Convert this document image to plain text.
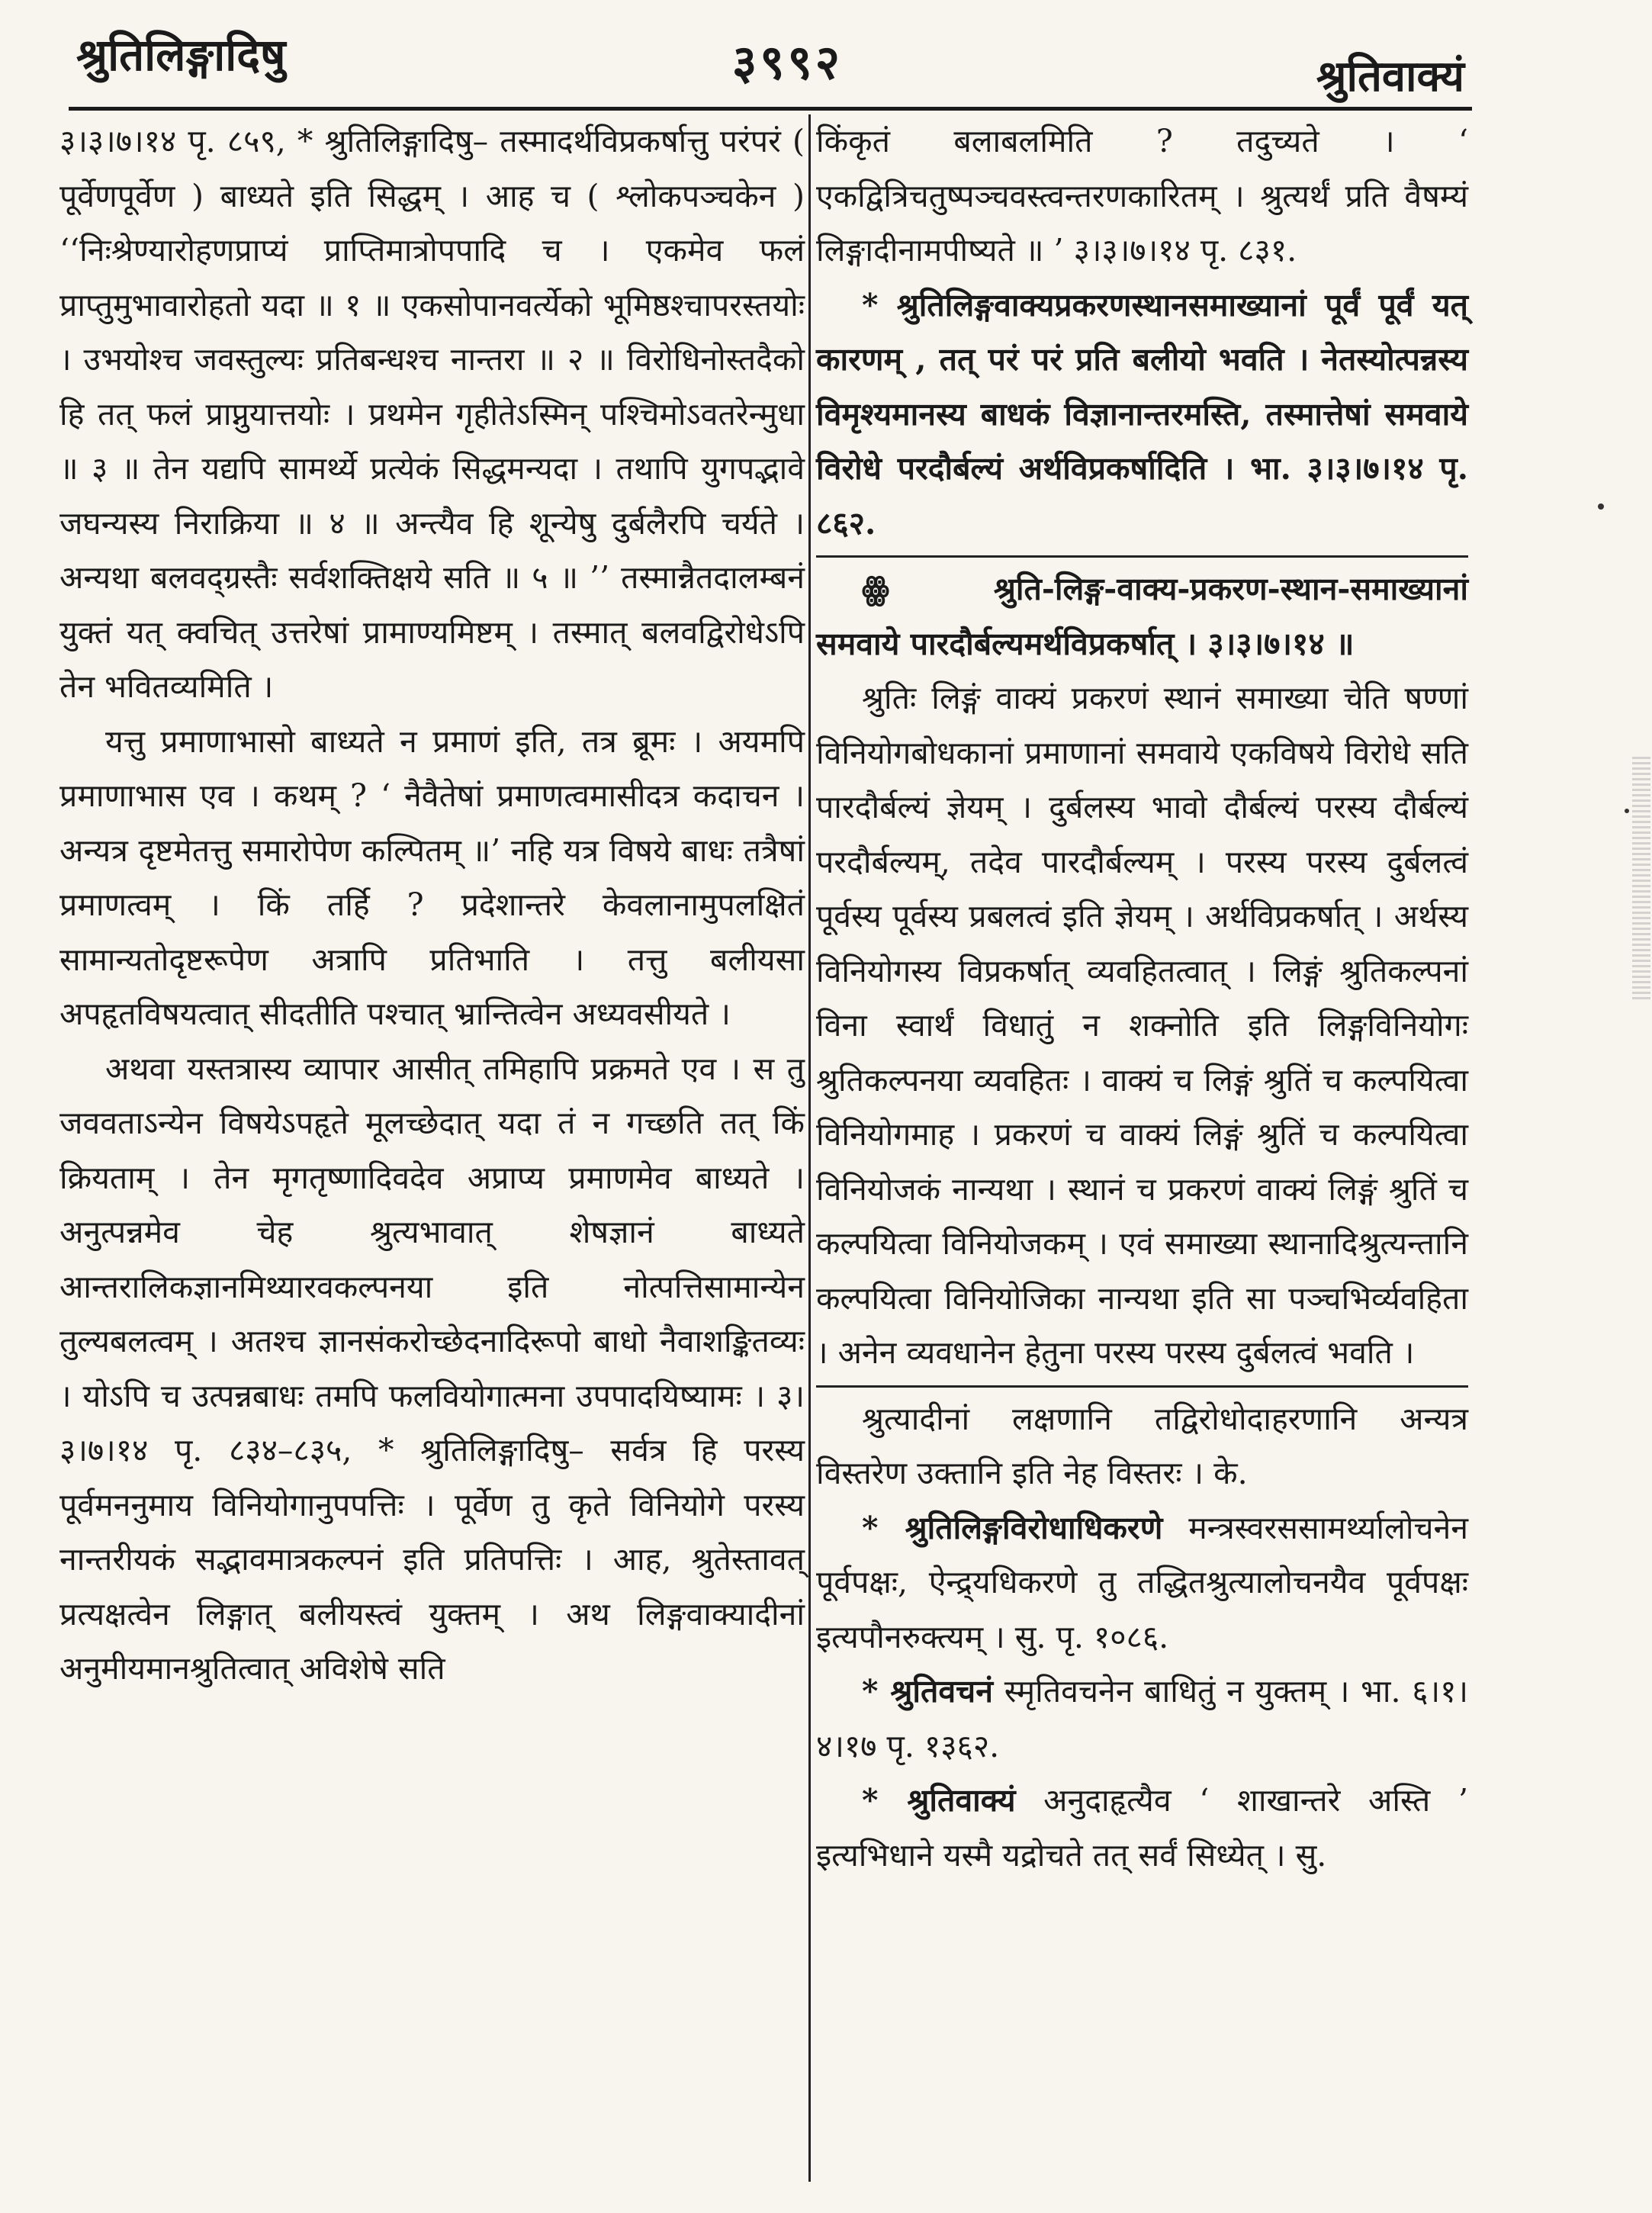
श्रुतिलिङ्गादिषु	३९९२	श्रुतिवाक्यं

३।३।७।१४ पृ. ८५९, * श्रुतिलिङ्गादिषु– तस्मादर्थविप्रकर्षात्तु परंपरं ( पूर्वेणपूर्वेण ) बाध्यते इति सिद्धम् । आह च ( श्लोकपञ्चकेन ) ‘‘निःश्रेण्यारोहणप्राप्यं प्राप्तिमात्रोपपादि च । एकमेव फलं प्राप्तुमुभावारोहतो यदा ॥ १ ॥ एकसोपानवर्त्येको भूमिष्ठश्चापरस्तयोः । उभयोश्च जवस्तुल्यः प्रतिबन्धश्च नान्तरा ॥ २ ॥ विरोधिनोस्तदैको हि तत् फलं प्राप्नुयात्तयोः । प्रथमेन गृहीतेऽस्मिन् पश्चिमोऽवतरेन्मुधा ॥ ३ ॥ तेन यद्यपि सामर्थ्ये प्रत्येकं सिद्धमन्यदा । तथापि युगपद्भावे जघन्यस्य निराक्रिया ॥ ४ ॥ अन्त्यैव हि शून्येषु दुर्बलैरपि चर्यते । अन्यथा बलवद्ग्रस्तैः सर्वशक्तिक्षये सति ॥ ५ ॥ ’’ तस्मान्नैतदालम्बनं युक्तं यत् क्वचित् उत्तरेषां प्रामाण्यमिष्टम् । तस्मात् बलवद्विरोधेऽपि तेन भवितव्यमिति ।

यत्तु प्रमाणाभासो बाध्यते न प्रमाणं इति, तत्र ब्रूमः । अयमपि प्रमाणाभास एव । कथम् ? ‘ नैवैतेषां प्रमाणत्वमासीदत्र कदाचन । अन्यत्र दृष्टमेतत्तु समारोपेण कल्पितम् ॥’ नहि यत्र विषये बाधः तत्रैषां प्रमाणत्वम् । किं तर्हि ? प्रदेशान्तरे केवलानामुपलक्षितं सामान्यतोदृष्टरूपेण अत्रापि प्रतिभाति । तत्तु बलीयसा अपहृतविषयत्वात् सीदतीति पश्चात् भ्रान्तित्वेन अध्यवसीयते ।

अथवा यस्तत्रास्य व्यापार आसीत् तमिहापि प्रक्रमते एव । स तु जववताऽन्येन विषयेऽपहृते मूलच्छेदात् यदा तं न गच्छति तत् किं क्रियताम् । तेन मृगतृष्णादिवदेव अप्राप्य प्रमाणमेव बाध्यते । अनुत्पन्नमेव चेह श्रुत्यभावात् शेषज्ञानं बाध्यते आन्तरालिकज्ञानमिथ्यारवकल्पनया इति नोत्पत्तिसामान्येन तुल्यबलत्वम् । अतश्च ज्ञानसंकरोच्छेदनादिरूपो बाधो नैवाशङ्कितव्यः । योऽपि च उत्पन्नबाधः तमपि फलवियोगात्मना उपपादयिष्यामः । ३।३।७।१४ पृ. ८३४–८३५, * श्रुतिलिङ्गादिषु– सर्वत्र हि परस्य पूर्वमननुमाय विनियोगानुपपत्तिः । पूर्वेण तु कृते विनियोगे परस्य नान्तरीयकं सद्भावमात्रकल्पनं इति प्रतिपत्तिः । आह, श्रुतेस्तावत् प्रत्यक्षत्वेन लिङ्गात् बलीयस्त्वं युक्तम् । अथ लिङ्गवाक्यादीनां अनुमीयमानश्रुतित्वात् अविशेषे सति

किंकृतं बलाबलमिति ? तदुच्यते । ‘ एकद्वित्रिचतुष्पञ्चवस्त्वन्तरणकारितम् । श्रुत्यर्थं प्रति वैषम्यं लिङ्गादीनामपीष्यते ॥ ’ ३।३।७।१४ पृ. ८३१.

* श्रुतिलिङ्गवाक्यप्रकरणस्थानसमाख्यानां पूर्वं पूर्वं यत् कारणम् , तत् परं परं प्रति बलीयो भवति । नेतस्योत्पन्नस्य विमृश्यमानस्य बाधकं विज्ञानान्तरमस्ति, तस्मात्तेषां समवाये विरोधे परदौर्बल्यं अर्थविप्रकर्षादिति । भा. ३।३।७।१४ पृ. ८६२.

ꙮ	श्रुति-लिङ्ग-वाक्य-प्रकरण-स्थान-समाख्यानां समवाये पारदौर्बल्यमर्थविप्रकर्षात् । ३।३।७।१४ ॥

श्रुतिः लिङ्गं वाक्यं प्रकरणं स्थानं समाख्या चेति षण्णां विनियोगबोधकानां प्रमाणानां समवाये एकविषये विरोधे सति पारदौर्बल्यं ज्ञेयम् । दुर्बलस्य भावो दौर्बल्यं परस्य दौर्बल्यं परदौर्बल्यम्, तदेव पारदौर्बल्यम् । परस्य परस्य दुर्बलत्वं पूर्वस्य पूर्वस्य प्रबलत्वं इति ज्ञेयम् । अर्थविप्रकर्षात् । अर्थस्य विनियोगस्य विप्रकर्षात् व्यवहितत्वात् । लिङ्गं श्रुतिकल्पनां विना स्वार्थं विधातुं न शक्नोति इति लिङ्गविनियोगः श्रुतिकल्पनया व्यवहितः । वाक्यं च लिङ्गं श्रुतिं च कल्पयित्वा विनियोगमाह । प्रकरणं च वाक्यं लिङ्गं श्रुतिं च कल्पयित्वा विनियोजकं नान्यथा । स्थानं च प्रकरणं वाक्यं लिङ्गं श्रुतिं च कल्पयित्वा विनियोजकम् । एवं समाख्या स्थानादिश्रुत्यन्तानि कल्पयित्वा विनियोजिका नान्यथा इति सा पञ्चभिर्व्यवहिता । अनेन व्यवधानेन हेतुना परस्य परस्य दुर्बलत्वं भवति ।

श्रुत्यादीनां लक्षणानि तद्विरोधोदाहरणानि अन्यत्र विस्तरेण उक्तानि इति नेह विस्तरः । के.

* श्रुतिलिङ्गविरोधाधिकरणे मन्त्रस्वरससामर्थ्यालोचनेन पूर्वपक्षः, ऐन्द्र्यधिकरणे तु तद्धितश्रुत्यालोचनयैव पूर्वपक्षः इत्यपौनरुक्त्यम् । सु. पृ. १०८६.

* श्रुतिवचनं स्मृतिवचनेन बाधितुं न युक्तम् । भा. ६।१।४।१७ पृ. १३६२.

* श्रुतिवाक्यं अनुदाहृत्यैव ‘ शाखान्तरे अस्ति ’ इत्यभिधाने यस्मै यद्रोचते तत् सर्वं सिध्येत् । सु.
